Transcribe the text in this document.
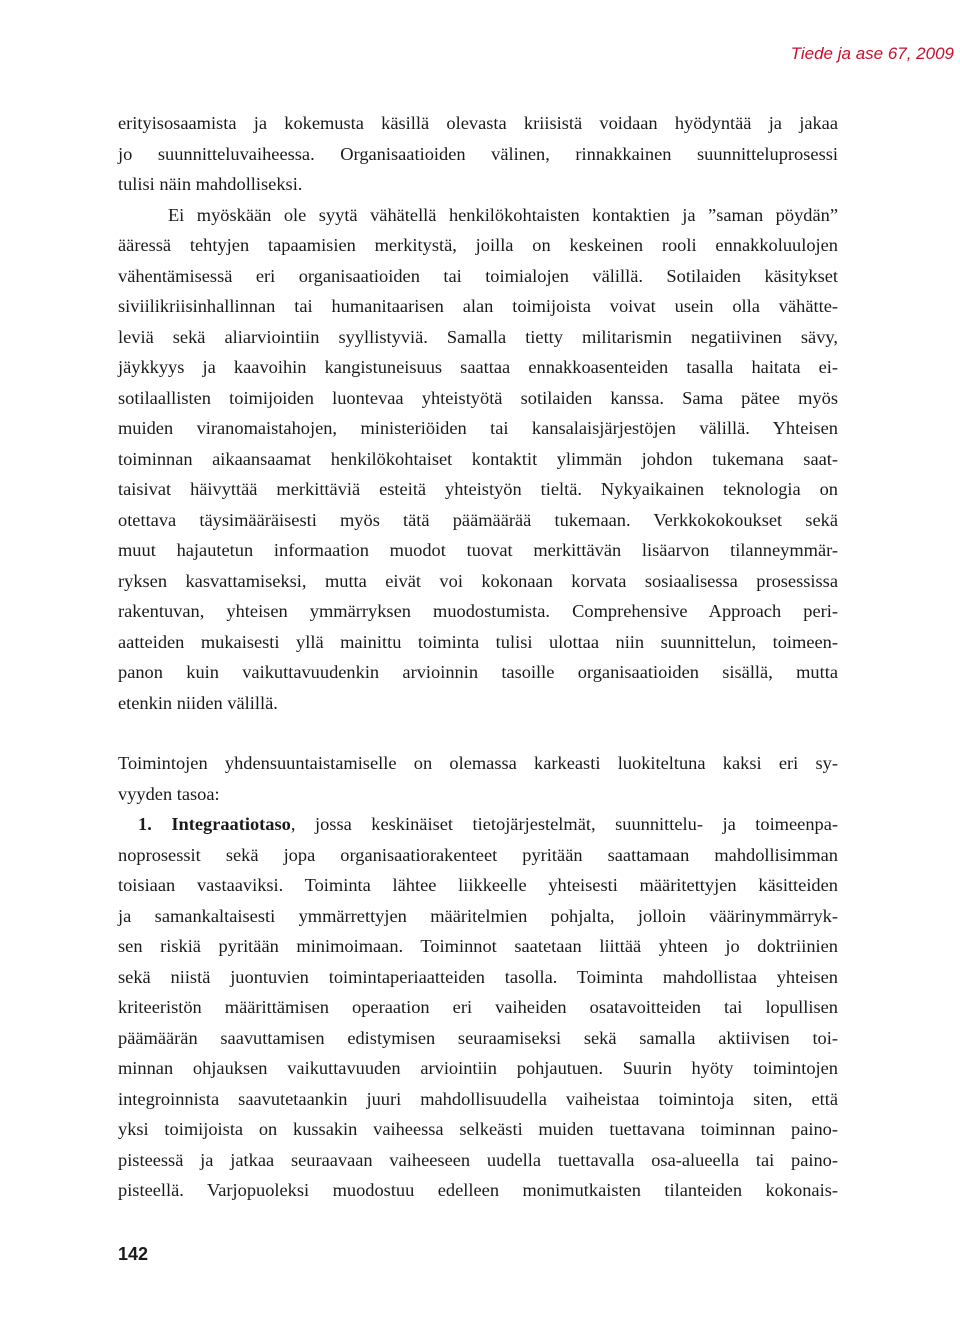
Tiede ja ase 67, 2009
erityisosaamista ja kokemusta käsillä olevasta kriisistä voidaan hyödyntää ja jakaa
jo suunnitteluvaiheessa. Organisaatioiden välinen, rinnakkainen suunnitteluprosessi
tulisi näin mahdolliseksi.
Ei myöskään ole syytä vähätellä henkilökohtaisten kontaktien ja ”saman pöydän”
ääressä tehtyjen tapaamisien merkitystä, joilla on keskeinen rooli ennakkoluulojen
vähentämisessä eri organisaatioiden tai toimialojen välillä. Sotilaiden käsitykset
siviilikriisinhallinnan tai humanitaarisen alan toimijoista voivat usein olla vähätte-
leviä sekä aliarviointiin syyllistyviä. Samalla tietty militarismin negatiivinen sävy,
jäykkyys ja kaavoihin kangistuneisuus saattaa ennakkoasenteiden tasalla haitata ei-
sotilaallisten toimijoiden luontevaa yhteistyötä sotilaiden kanssa. Sama pätee myös
muiden viranomaistahojen, ministeriöiden tai kansalaisjärjestöjen välillä. Yhteisen
toiminnan aikaansaamat henkilökohtaiset kontaktit ylimmän johdon tukemana saat-
taisivat häivyttää merkittäviä esteitä yhteistyön tieltä. Nykyaikainen teknologia on
otettava täysimääräisesti myös tätä päämäärää tukemaan. Verkkokokoukset sekä
muut hajautetun informaation muodot tuovat merkittävän lisäarvon tilanneymmär-
ryksen kasvattamiseksi, mutta eivät voi kokonaan korvata sosiaalisessa prosessissa
rakentuvan, yhteisen ymmärryksen muodostumista. Comprehensive Approach peri-
aatteiden mukaisesti yllä mainittu toiminta tulisi ulottaa niin suunnittelun, toimeen-
panon kuin vaikuttavuudenkin arvioinnin tasoille organisaatioiden sisällä, mutta
etenkin niiden välillä.
Toimintojen yhdensuuntaistamiselle on olemassa karkeasti luokiteltuna kaksi eri sy-
vyyden tasoa:
1. Integraatiotaso, jossa keskinäiset tietojärjestelmät, suunnittelu- ja toimeenpa-
noprosessit sekä jopa organisaatiorakenteet pyritään saattamaan mahdollisimman
toisiaan vastaaviksi. Toiminta lähtee liikkeelle yhteisesti määritettyjen käsitteiden
ja samankaltaisesti ymmärrettyjen määritelmien pohjalta, jolloin väärinymmärryk-
sen riskiä pyritään minimoimaan. Toiminnot saatetaan liittää yhteen jo doktriinien
sekä niistä juontuvien toimintaperiaatteiden tasolla. Toiminta mahdollistaa yhteisen
kriteeristön määrittämisen operaation eri vaiheiden osatavoitteiden tai lopullisen
päämäärän saavuttamisen edistymisen seuraamiseksi sekä samalla aktiivisen toi-
minnan ohjauksen vaikuttavuuden arviointiin pohjautuen. Suurin hyöty toimintojen
integroinnista saavutetaankin juuri mahdollisuudella vaiheistaa toimintoja siten, että
yksi toimijoista on kussakin vaiheessa selkeästi muiden tuettavana toiminnan paino-
pisteessä ja jatkaa seuraavaan vaiheeseen uudella tuettavalla osa-alueella tai paino-
pisteellä. Varjopuoleksi muodostuu edelleen monimutkaisten tilanteiden kokonais-
142
